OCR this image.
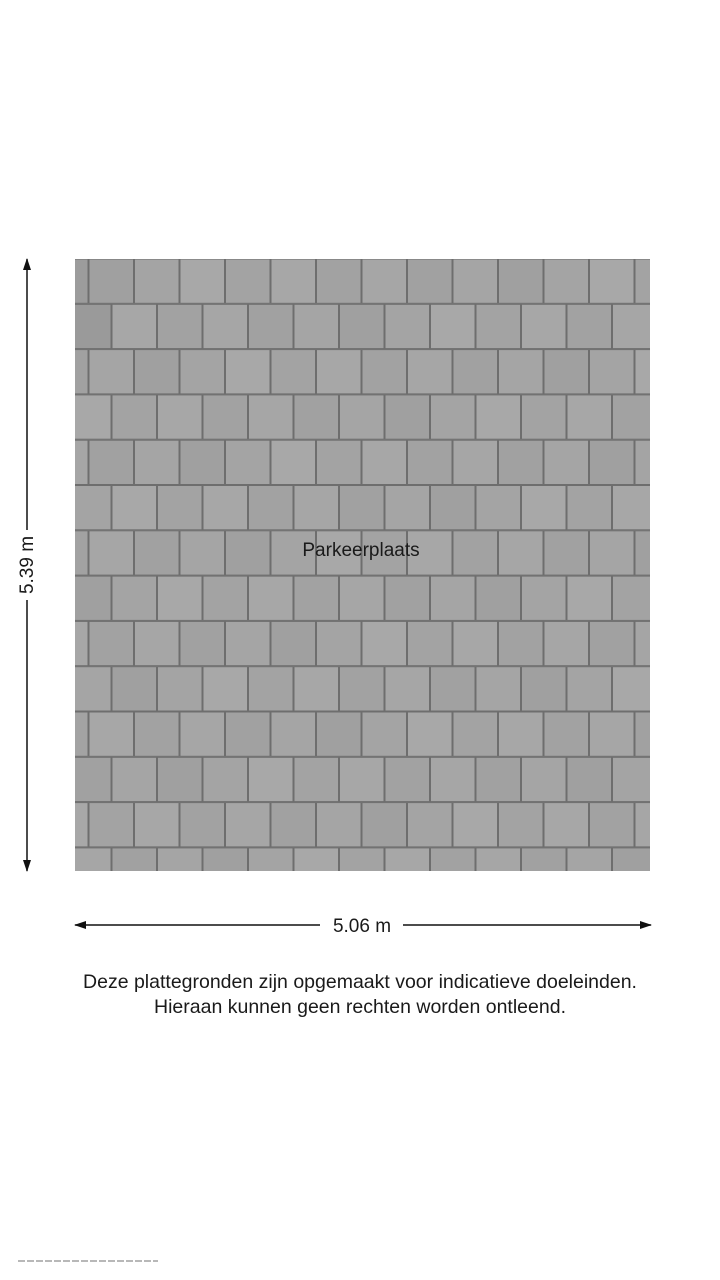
Parkeerplaats
5.39 m
5.06 m
Deze plattegronden zijn opgemaakt voor indicatieve doeleinden.
Hieraan kunnen geen rechten worden ontleend.
